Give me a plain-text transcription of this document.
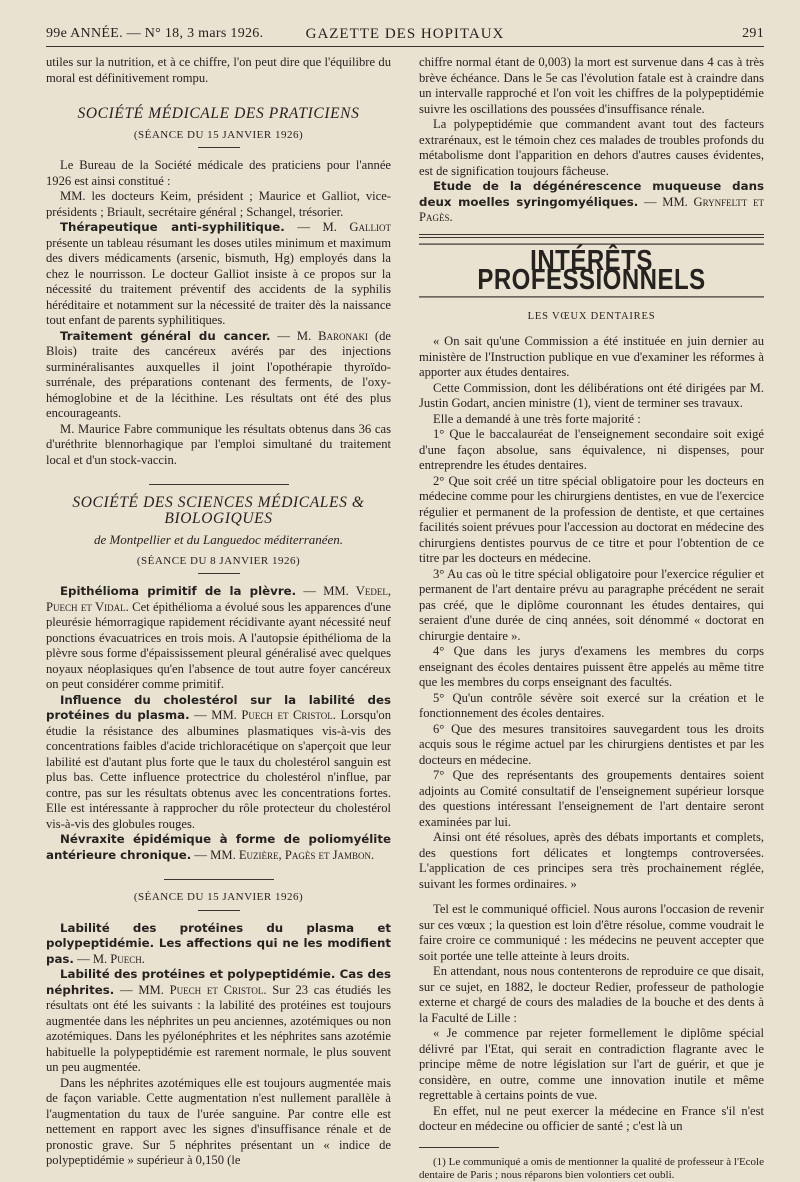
99e ANNÉE. — N° 18, 3 mars 1926.	GAZETTE DES HOPITAUX	291

utiles sur la nutrition, et à ce chiffre, l'on peut dire que l'équilibre du moral est définitivement rompu.

SOCIÉTÉ MÉDICALE DES PRATICIENS
(SÉANCE DU 15 JANVIER 1926)

Le Bureau de la Société médicale des praticiens pour l'année 1926 est ainsi constitué :

MM. les docteurs Keim, président ; Maurice et Galliot, vice-présidents ; Briault, secrétaire général ; Schangel, trésorier.

Thérapeutique anti-syphilitique. — M. Galliot présente un tableau résumant les doses utiles minimum et maximum des divers médicaments (arsenic, bismuth, Hg) employés dans la chez le nourrisson. Le docteur Galliot insiste à ce propos sur la nécessité du traitement préventif des accidents de la syphilis héréditaire et notamment sur la nécessité de traiter dès la naissance tout enfant de parents syphilitiques.

Traitement général du cancer. — M. Baronaki (de Blois) traite des cancéreux avérés par des injections surminéralisantes auxquelles il joint l'opothérapie thyroïdo-surrénale, des préparations contenant des ferments, de l'oxy-hémoglobine et de la lécithine. Les résultats ont été des plus encourageants.

M. Maurice Fabre communique les résultats obtenus dans 36 cas d'uréthrite blennorhagique par l'emploi simultané du traitement local et d'un stock-vaccin.

SOCIÉTÉ DES SCIENCES MÉDICALES & BIOLOGIQUES
de Montpellier et du Languedoc méditerranéen.
(SÉANCE DU 8 JANVIER 1926)

Epithélioma primitif de la plèvre. — MM. Vedel, Puech et Vidal. Cet épithélioma a évolué sous les apparences d'une pleurésie hémorragique rapidement récidivante ayant nécessité neuf ponctions évacuatrices en trois mois. A l'autopsie épithélioma de la plèvre sous forme d'épaississement pleural généralisé avec quelques noyaux néoplasiques qu'en l'absence de tout autre foyer cancéreux on peut considérer comme primitif.

Influence du cholestérol sur la labilité des protéines du plasma. — MM. Puech et Cristol. Lorsqu'on étudie la résistance des albumines plasmatiques vis-à-vis des concentrations faibles d'acide trichloracétique on s'aperçoit que leur labilité est d'autant plus forte que le taux du cholestérol sanguin est plus bas. Cette influence protectrice du cholestérol n'influe, par contre, pas sur les résultats obtenus avec les concentrations fortes. Elle est intéressante à rapprocher du rôle protecteur du cholestérol vis-à-vis des globules rouges.

Névraxite épidémique à forme de poliomyélite antérieure chronique. — MM. Euzière, Pagès et Jambon.

(SÉANCE DU 15 JANVIER 1926)

Labilité des protéines du plasma et polypeptidémie. Les affections qui ne les modifient pas. — M. Puech.

Labilité des protéines et polypeptidémie. Cas des néphrites. — MM. Puech et Cristol. Sur 23 cas étudiés les résultats ont été les suivants : la labilité des protéines est toujours augmentée dans les néphrites un peu anciennes, azotémiques ou non azotémiques. Dans les pyélonéphrites et les néphrites sans azotémie habituelle la polypeptidémie est rarement normale, le plus souvent un peu augmentée.

Dans les néphrites azotémiques elle est toujours augmentée mais de façon variable. Cette augmentation n'est nullement parallèle à l'augmentation du taux de l'urée sanguine. Par contre elle est nettement en rapport avec les signes d'insuffisance rénale et de pronostic grave. Sur 5 néphrites présentant un « indice de polypeptidémie » supérieur à 0,150 (le

chiffre normal étant de 0,003) la mort est survenue dans 4 cas à très brève échéance. Dans le 5e cas l'évolution fatale est à craindre dans un intervalle rapproché et l'on voit les chiffres de la polypeptidémie suivre les oscillations des poussées d'insuffisance rénale.

La polypeptidémie que commandent avant tout des facteurs extrarénaux, est le témoin chez ces malades de troubles profonds du métabolisme dont l'apparition en dehors d'autres causes évidentes, est de signification toujours fâcheuse.

Etude de la dégénérescence muqueuse dans deux moelles syringomyéliques. — MM. Grynfeltt et Pagès.

INTÉRÊTS PROFESSIONNELS
LES VŒUX DENTAIRES

« On sait qu'une Commission a été instituée en juin dernier au ministère de l'Instruction publique en vue d'examiner les réformes à apporter aux études dentaires.

Cette Commission, dont les délibérations ont été dirigées par M. Justin Godart, ancien ministre (1), vient de terminer ses travaux.

Elle a demandé à une très forte majorité :

1° Que le baccalauréat de l'enseignement secondaire soit exigé d'une façon absolue, sans équivalence, ni dispenses, pour entreprendre les études dentaires.

2° Que soit créé un titre spécial obligatoire pour les docteurs en médecine comme pour les chirurgiens dentistes, en vue de l'exercice régulier et permanent de la profession de dentiste, et que certaines facilités soient prévues pour l'accession au doctorat en médecine des chirurgiens dentistes pourvus de ce titre et pour l'obtention de ce titre par les docteurs en médecine.

3° Au cas où le titre spécial obligatoire pour l'exercice régulier et permanent de l'art dentaire prévu au paragraphe précédent ne serait pas créé, que le diplôme couronnant les études dentaires, qui seraient d'une durée de cinq années, soit dénommé « doctorat en chirurgie dentaire ».

4° Que dans les jurys d'examens les membres du corps enseignant des écoles dentaires puissent être appelés au même titre que les membres du corps enseignant des facultés.

5° Qu'un contrôle sévère soit exercé sur la création et le fonctionnement des écoles dentaires.

6° Que des mesures transitoires sauvegardent tous les droits acquis sous le régime actuel par les chirurgiens dentistes et par les docteurs en médecine.

7° Que des représentants des groupements dentaires soient adjoints au Comité consultatif de l'enseignement supérieur lorsque des questions intéressant l'enseignement de l'art dentaire seront examinées par lui.

Ainsi ont été résolues, après des débats importants et complets, des questions fort délicates et longtemps controversées. L'application de ces principes sera très prochainement réglée, suivant les formes ordinaires. »

Tel est le communiqué officiel. Nous aurons l'occasion de revenir sur ces vœux ; la question est loin d'être résolue, comme voudrait le faire croire ce communiqué : les médecins ne peuvent accepter que soit portée une telle atteinte à leurs droits.

En attendant, nous nous contenterons de reproduire ce que disait, sur ce sujet, en 1882, le docteur Redier, professeur de pathologie externe et chargé de cours des maladies de la bouche et des dents à la Faculté de Lille :

« Je commence par rejeter formellement le diplôme spécial délivré par l'Etat, qui serait en contradiction flagrante avec le principe même de notre législation sur l'art de guérir, et que je considère, en outre, comme une innovation inutile et même regrettable à certains points de vue.

En effet, nul ne peut exercer la médecine en France s'il n'est docteur en médecine ou officier de santé ; c'est là un

(1) Le communiqué a omis de mentionner la qualité de professeur à l'Ecole dentaire de Paris ; nous réparons bien volontiers cet oubli.
